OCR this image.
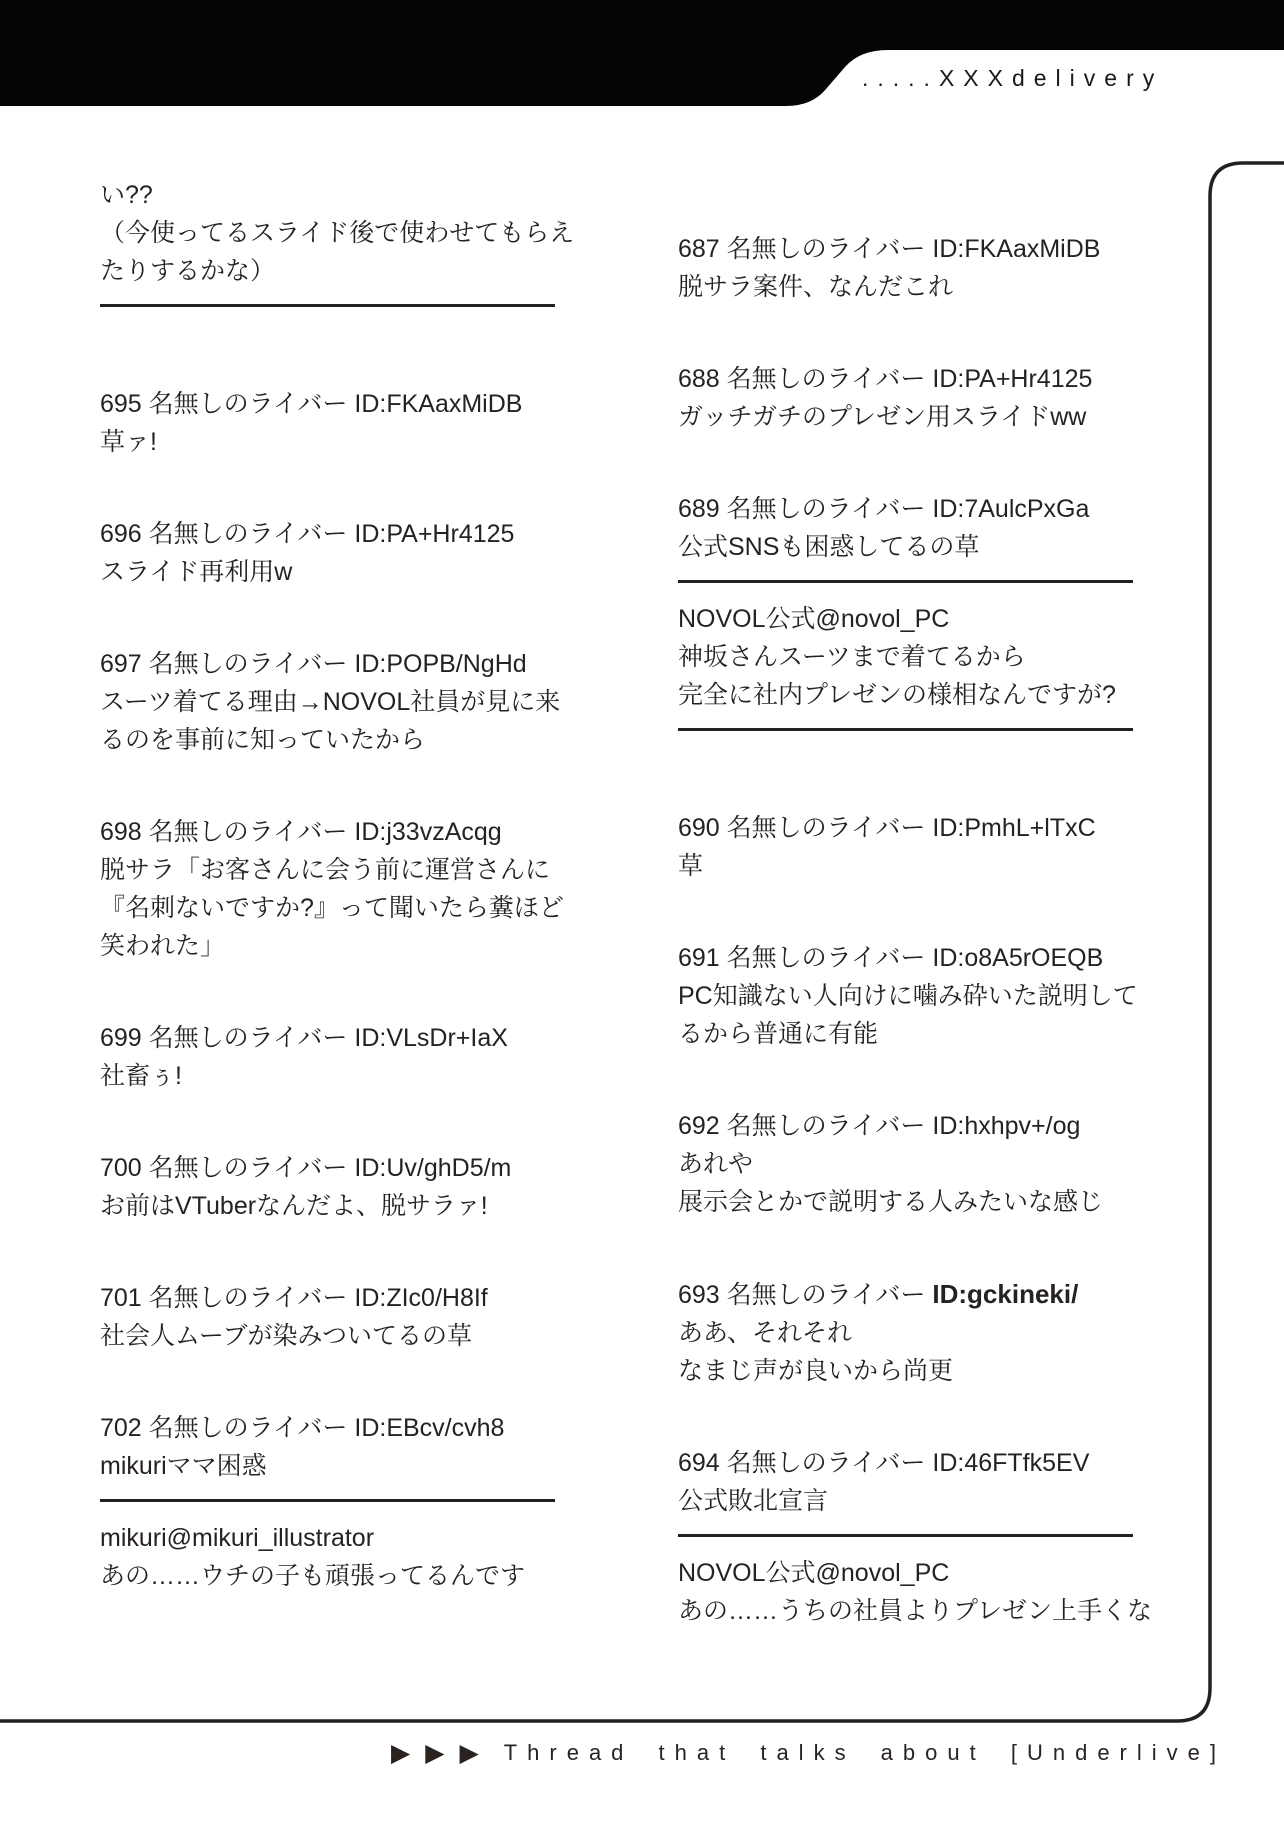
.....XXXdelivery
い??
（今使ってるスライド後で使わせてもらえ
たりするかな）
695 名無しのライバー ID:FKAaxMiDB
草ァ!
696 名無しのライバー ID:PA+Hr4125
スライド再利用w
697 名無しのライバー ID:POPB/NgHd
スーツ着てる理由→NOVOL社員が見に来
るのを事前に知っていたから
698 名無しのライバー ID:j33vzAcqg
脱サラ「お客さんに会う前に運営さんに
『名刺ないですか?』って聞いたら糞ほど
笑われた」
699 名無しのライバー ID:VLsDr+IaX
社畜ぅ!
700 名無しのライバー ID:Uv/ghD5/m
お前はVTuberなんだよ、脱サラァ!
701 名無しのライバー ID:ZIc0/H8If
社会人ムーブが染みついてるの草
702 名無しのライバー ID:EBcv/cvh8
mikuriママ困惑
mikuri@mikuri_illustrator
あの……ウチの子も頑張ってるんです
687 名無しのライバー ID:FKAaxMiDB
脱サラ案件、なんだこれ
688 名無しのライバー ID:PA+Hr4125
ガッチガチのプレゼン用スライドww
689 名無しのライバー ID:7AulcPxGa
公式SNSも困惑してるの草
NOVOL公式@novol_PC
神坂さんスーツまで着てるから
完全に社内プレゼンの様相なんですが?
690 名無しのライバー ID:PmhL+lTxC
草
691 名無しのライバー ID:o8A5rOEQB
PC知識ない人向けに噛み砕いた説明して
るから普通に有能
692 名無しのライバー ID:hxhpv+/og
あれや
展示会とかで説明する人みたいな感じ
693 名無しのライバー ID:gckineki/
ああ、それそれ
なまじ声が良いから尚更
694 名無しのライバー ID:46FTfk5EV
公式敗北宣言
NOVOL公式@novol_PC
あの……うちの社員よりプレゼン上手くな
▶ ▶ ▶ Thread that talks about [Underlive]
